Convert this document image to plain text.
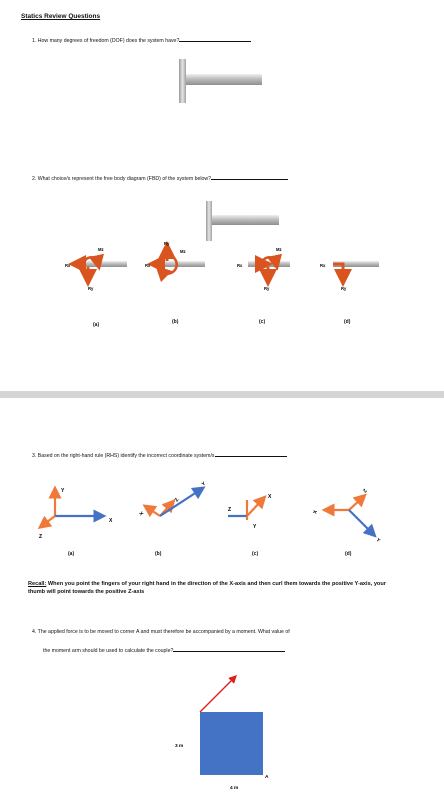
Statics Review Questions
1. How many degrees of freedom (DOF) does the system have?
2. What choice/s represent the free body diagram (FBD) of the system below?
Rx
Ry
Mz
Rx
Ry
Mz
Rx
Ry
Mz
Rx
Ry
(a)	(b)	(c)	(d)
3. Based on the right-hand rule (RHS) identify the incorrect coordinate system/s
Y
X
Z
Z
X
Y
X
Z
Y
Z
X
Y
(a)	(b)	(c)	(d)
Recall: When you point the fingers of your right hand in the direction of the X-axis and then curl them towards the positive Y-axis, your thumb will point towards the positive Z-axis
4. The applied force is to be moved to corner A and must therefore be accompanied by a moment. What value of
the moment arm should be used to calculate the couple?
3 m
4 m
A
